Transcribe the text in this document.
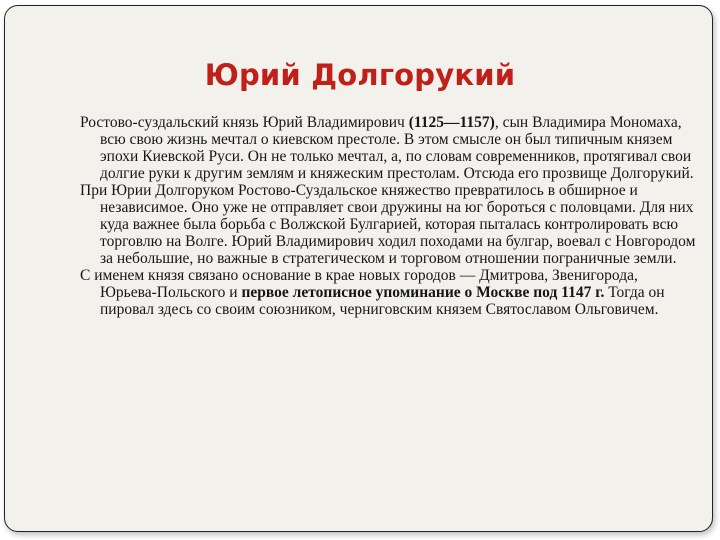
Юрий Долгорукий

Ростово-суздальский князь Юрий Владимирович (1125—1157), сын Владимира Мономаха, всю свою жизнь мечтал о киевском престоле. В этом смысле он был типичным князем эпохи Киевской Руси. Он не только мечтал, а, по словам современников, протягивал свои долгие руки к другим землям и княжеским престолам. Отсюда его прозвище Долгорукий.

При Юрии Долгоруком Ростово-Суздальское княжество превратилось в обширное и независимое. Оно уже не отправляет свои дружины на юг бороться с половцами. Для них куда важнее была борьба с Волжской Булгарией, которая пыталась контролировать всю торговлю на Волге. Юрий Владимирович ходил походами на булгар, воевал с Новгородом за небольшие, но важные в стратегическом и торговом отношении пограничные земли.

С именем князя связано основание в крае новых городов — Дмитрова, Звенигорода, Юрьева-Польского и первое летописное упоминание о Москве под 1147 г. Тогда он пировал здесь со своим союзником, черниговским князем Святославом Ольговичем.
